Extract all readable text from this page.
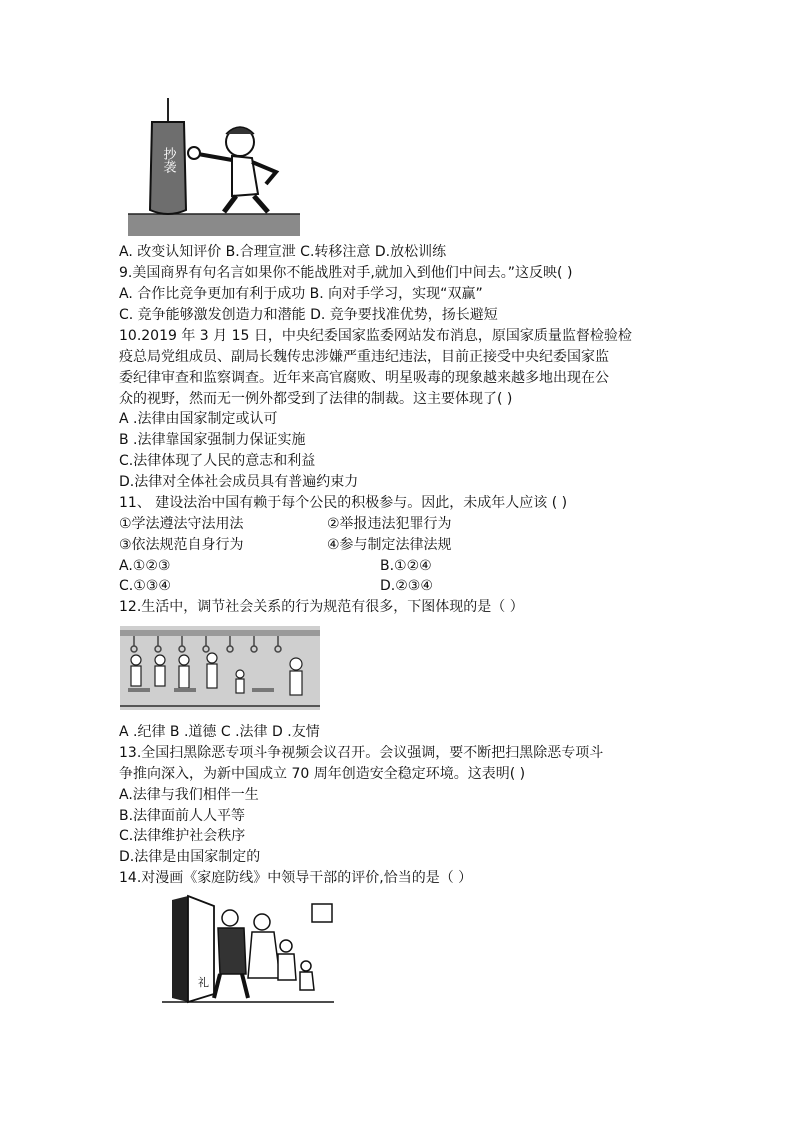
抄袭
A. 改变认知评价 B.合理宣泄 C.转移注意 D.放松训练
9.美国商界有句名言如果你不能战胜对手,就加入到他们中间去。”这反映( )
A. 合作比竞争更加有利于成功 B. 向对手学习，实现“双赢”
C. 竞争能够激发创造力和潜能 D. 竞争要找准优势，扬长避短
10.2019 年 3 月 15 日，中央纪委国家监委网站发布消息，原国家质量监督检验检
疫总局党组成员、副局长魏传忠涉嫌严重违纪违法，目前正接受中央纪委国家监
委纪律审查和监察调查。近年来高官腐败、明星吸毒的现象越来越多地出现在公
众的视野，然而无一例外都受到了法律的制裁。这主要体现了( )
A .法律由国家制定或认可
B .法律靠国家强制力保证实施
C.法律体现了人民的意志和利益
D.法律对全体社会成员具有普遍约束力
11、 建设法治中国有赖于每个公民的积极参与。因此，未成年人应该 ( )
①学法遵法守法用法	②举报违法犯罪行为
③依法规范自身行为	④参与制定法律法规
A.①②③	B.①②④
C.①③④	D.②③④
12.生活中，调节社会关系的行为规范有很多，下图体现的是（ ）
A .纪律 B .道德 C .法律 D .友情
13.全国扫黑除恶专项斗争视频会议召开。会议强调，要不断把扫黑除恶专项斗
争推向深入，为新中国成立 70 周年创造安全稳定环境。这表明( )
A.法律与我们相伴一生
B.法律面前人人平等
C.法律维护社会秩序
D.法律是由国家制定的
14.对漫画《家庭防线》中领导干部的评价,恰当的是（ ）
礼
